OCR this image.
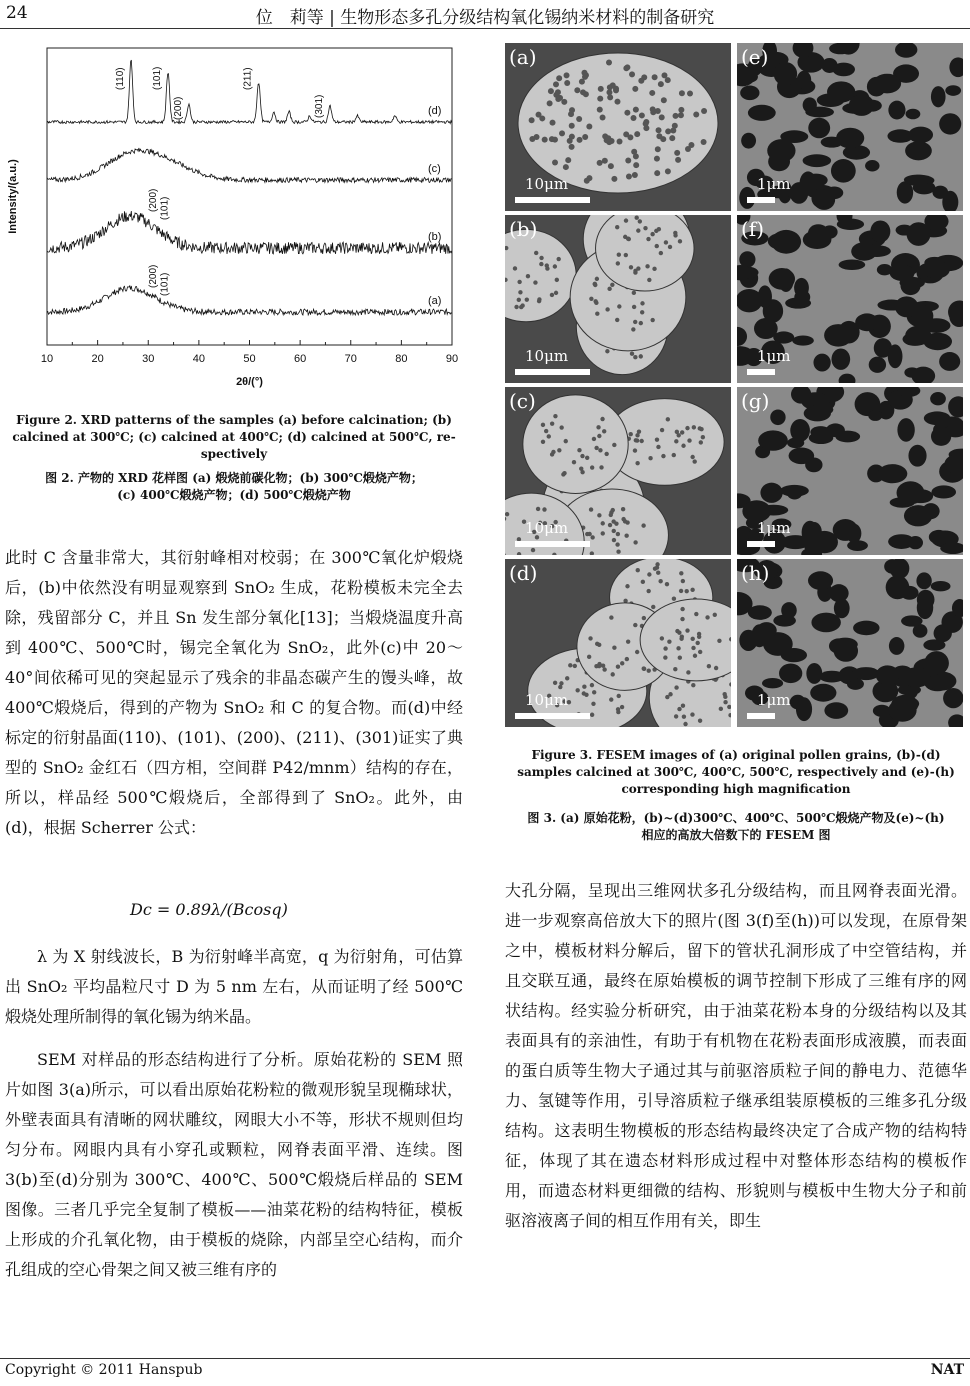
24	位　莉等 | 生物形态多孔分级结构氧化锡纳米材料的制备研究
10	20	30	40	50	60	70	80	90
2θ/(°)
Intensity/(a.u.)
(a)
(b)
(c)
(d)
(110)	(101)
(200)
(211)
(301)
(200) (101)
(200) (101)
Figure 2. XRD patterns of the samples (a) before calcination; (b) calcined at 300℃; (c) calcined at 400℃; (d) calcined at 500℃, re-spectively
图 2. 产物的 XRD 花样图 (a) 煅烧前碳化物；(b) 300℃煅烧产物；
(c) 400℃煅烧产物；(d) 500℃煅烧产物
此时 C 含量非常大，其衍射峰相对校弱；在 300℃氧化炉煅烧后，(b)中依然没有明显观察到 SnO₂ 生成，花粉模板未完全去除，残留部分 C，并且 Sn 发生部分氧化[13]；当煅烧温度升高到 400℃、500℃时，锡完全氧化为 SnO₂，此外(c)中 20～40°间依稀可见的突起显示了残余的非晶态碳产生的馒头峰，故 400℃煅烧后，得到的产物为 SnO₂ 和 C 的复合物。而(d)中经标定的衍射晶面(110)、(101)、(200)、(211)、(301)证实了典型的 SnO₂ 金红石（四方相，空间群 P42/mnm）结构的存在，所以，样品经 500℃煅烧后，全部得到了 SnO₂。此外，由(d)，根据 Scherrer 公式：
Dc = 0.89λ/(Bcosq)
λ 为 X 射线波长，B 为衍射峰半高宽，q 为衍射角，可估算出 SnO₂ 平均晶粒尺寸 D 为 5 nm 左右，从而证明了经 500℃煅烧处理所制得的氧化锡为纳米晶。
SEM 对样品的形态结构进行了分析。原始花粉的 SEM 照片如图 3(a)所示，可以看出原始花粉粒的微观形貌呈现椭球状，外壁表面具有清晰的网状雕纹，网眼大小不等，形状不规则但均匀分布。网眼内具有小穿孔或颗粒，网脊表面平滑、连续。图 3(b)至(d)分别为 300℃、400℃、500℃煅烧后样品的 SEM 图像。三者几乎完全复制了模板——油菜花粉的结构特征，模板上形成的介孔氧化物，由于模板的烧除，内部呈空心结构，而介孔组成的空心骨架之间又被三维有序的
(a)
10μm
(e)
1μm
(b)
10μm
(f)
1μm
(c)
10μm
(g)
1μm
(d)
10μm
(h)
1μm
Figure 3. FESEM images of (a) original pollen grains, (b)-(d) samples calcined at 300℃, 400℃, 500℃, respectively and (e)-(h) corresponding high magnification
图 3. (a) 原始花粉，(b)~(d)300℃、400℃、500℃煅烧产物及(e)~(h)
相应的高放大倍数下的 FESEM 图
大孔分隔，呈现出三维网状多孔分级结构，而且网脊表面光滑。进一步观察高倍放大下的照片(图 3(f)至(h))可以发现，在原骨架之中，模板材料分解后，留下的管状孔洞形成了中空管结构，并且交联互通，最终在原始模板的调节控制下形成了三维有序的网状结构。经实验分析研究，由于油菜花粉本身的分级结构以及其表面具有的亲油性，有助于有机物在花粉表面形成液膜，而表面的蛋白质等生物大子通过其与前驱溶质粒子间的静电力、范德华力、氢键等作用，引导溶质粒子继承组装原模板的三维多孔分级结构。这表明生物模板的形态结构最终决定了合成产物的结构特征，体现了其在遗态材料形成过程中对整体形态结构的模板作用，而遗态材料更细微的结构、形貌则与模板中生物大分子和前驱溶液离子间的相互作用有关，即生
Copyright © 2011 Hanspub	NAT
